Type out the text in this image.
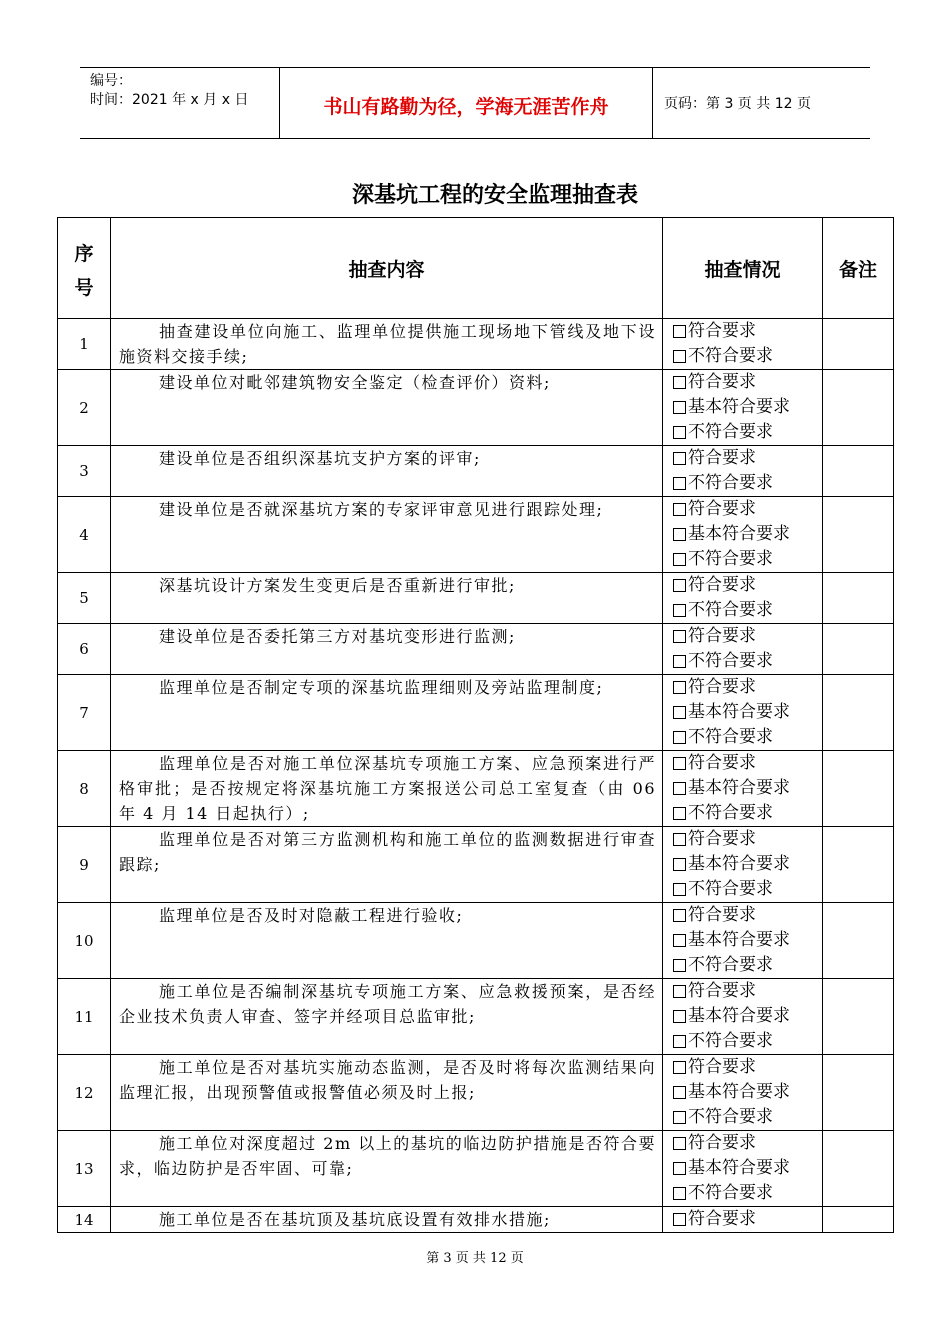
编号：
时间：2021 年 x 月 x 日	书山有路勤为径，学海无涯苦作舟	页码：第 3 页 共 12 页
深基坑工程的安全监理抽查表
序
号	抽查内容	抽查情况	备注
1	抽查建设单位向施工、监理单位提供施工现场地下管线及地下设施资料交接手续;	符合要求
不符合要求	

2	建设单位对毗邻建筑物安全鉴定（检查评价）资料;	符合要求
基本符合要求
不符合要求	

3	建设单位是否组织深基坑支护方案的评审;	符合要求
不符合要求	

4	建设单位是否就深基坑方案的专家评审意见进行跟踪处理;	符合要求
基本符合要求
不符合要求	

5	深基坑设计方案发生变更后是否重新进行审批;	符合要求
不符合要求	

6	建设单位是否委托第三方对基坑变形进行监测;	符合要求
不符合要求	

7	监理单位是否制定专项的深基坑监理细则及旁站监理制度;	符合要求
基本符合要求
不符合要求	

8	监理单位是否对施工单位深基坑专项施工方案、应急预案进行严格审批；是否按规定将深基坑施工方案报送公司总工室复查（由 06 年 4 月 14 日起执行）;	符合要求
基本符合要求
不符合要求	

9	监理单位是否对第三方监测机构和施工单位的监测数据进行审查跟踪;	符合要求
基本符合要求
不符合要求	

10	监理单位是否及时对隐蔽工程进行验收;	符合要求
基本符合要求
不符合要求	

11	施工单位是否编制深基坑专项施工方案、应急救援预案，是否经企业技术负责人审查、签字并经项目总监审批;	符合要求
基本符合要求
不符合要求	

12	施工单位是否对基坑实施动态监测，是否及时将每次监测结果向监理汇报，出现预警值或报警值必须及时上报;	符合要求
基本符合要求
不符合要求	

13	施工单位对深度超过 2m 以上的基坑的临边防护措施是否符合要求，临边防护是否牢固、可靠;	符合要求
基本符合要求
不符合要求	

14	施工单位是否在基坑顶及基坑底设置有效排水措施;	符合要求	

第 3 页 共 12 页
